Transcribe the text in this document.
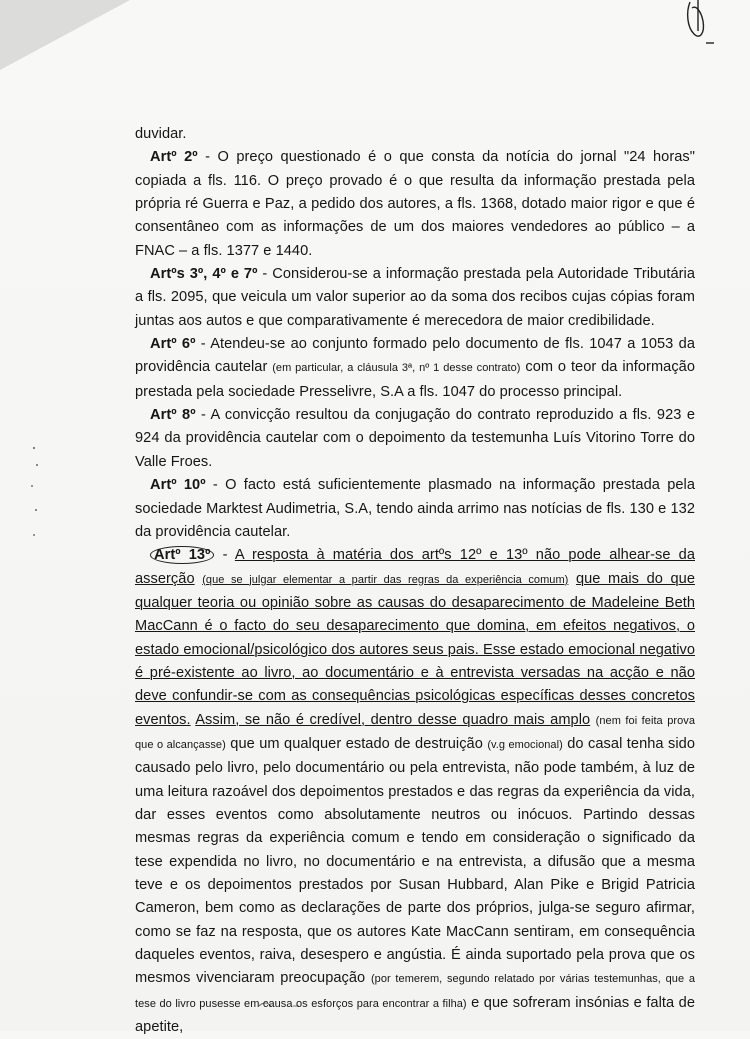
duvidar.

Artº 2º - O preço questionado é o que consta da notícia do jornal "24 horas" copiada a fls. 116. O preço provado é o que resulta da informação prestada pela própria ré Guerra e Paz, a pedido dos autores, a fls. 1368, dotado maior rigor e que é consentâneo com as informações de um dos maiores vendedores ao público – a FNAC – a fls. 1377 e 1440.

Artºs 3º, 4º e 7º - Considerou-se a informação prestada pela Autoridade Tributária a fls. 2095, que veicula um valor superior ao da soma dos recibos cujas cópias foram juntas aos autos e que comparativamente é merecedora de maior credibilidade.

Artº 6º - Atendeu-se ao conjunto formado pelo documento de fls. 1047 a 1053 da providência cautelar (em particular, a cláusula 3ª, nº 1 desse contrato) com o teor da informação prestada pela sociedade Presselivre, S.A a fls. 1047 do processo principal.

Artº 8º - A convicção resultou da conjugação do contrato reproduzido a fls. 923 e 924 da providência cautelar com o depoimento da testemunha Luís Vitorino Torre do Valle Froes.

Artº 10º - O facto está suficientemente plasmado na informação prestada pela sociedade Marktest Audimetria, S.A, tendo ainda arrimo nas notícias de fls. 130 e 132 da providência cautelar.

Artº 13º - A resposta à matéria dos artºs 12º e 13º não pode alhear-se da asserção (que se julgar elementar a partir das regras da experiência comum) que mais do que qualquer teoria ou opinião sobre as causas do desaparecimento de Madeleine Beth MacCann é o facto do seu desaparecimento que domina, em efeitos negativos, o estado emocional/psicológico dos autores seus pais. Esse estado emocional negativo é pré-existente ao livro, ao documentário e à entrevista versadas na acção e não deve confundir-se com as consequências psicológicas específicas desses concretos eventos. Assim, se não é credível, dentro desse quadro mais amplo (nem foi feita prova que o alcançasse) que um qualquer estado de destruição (v.g emocional) do casal tenha sido causado pelo livro, pelo documentário ou pela entrevista, não pode também, à luz de uma leitura razoável dos depoimentos prestados e das regras da experiência da vida, dar esses eventos como absolutamente neutros ou inócuos. Partindo dessas mesmas regras da experiência comum e tendo em consideração o significado da tese expendida no livro, no documentário e na entrevista, a difusão que a mesma teve e os depoimentos prestados por Susan Hubbard, Alan Pike e Brigid Patricia Cameron, bem como as declarações de parte dos próprios, julga-se seguro afirmar, como se faz na resposta, que os autores Kate MacCann sentiram, em consequência daqueles eventos, raiva, desespero e angústia. É ainda suportado pela prova que os mesmos vivenciaram preocupação (por temerem, segundo relatado por várias testemunhas, que a tese do livro pusesse em causa os esforços para encontrar a filha) e que sofreram insónias e falta de apetite,
